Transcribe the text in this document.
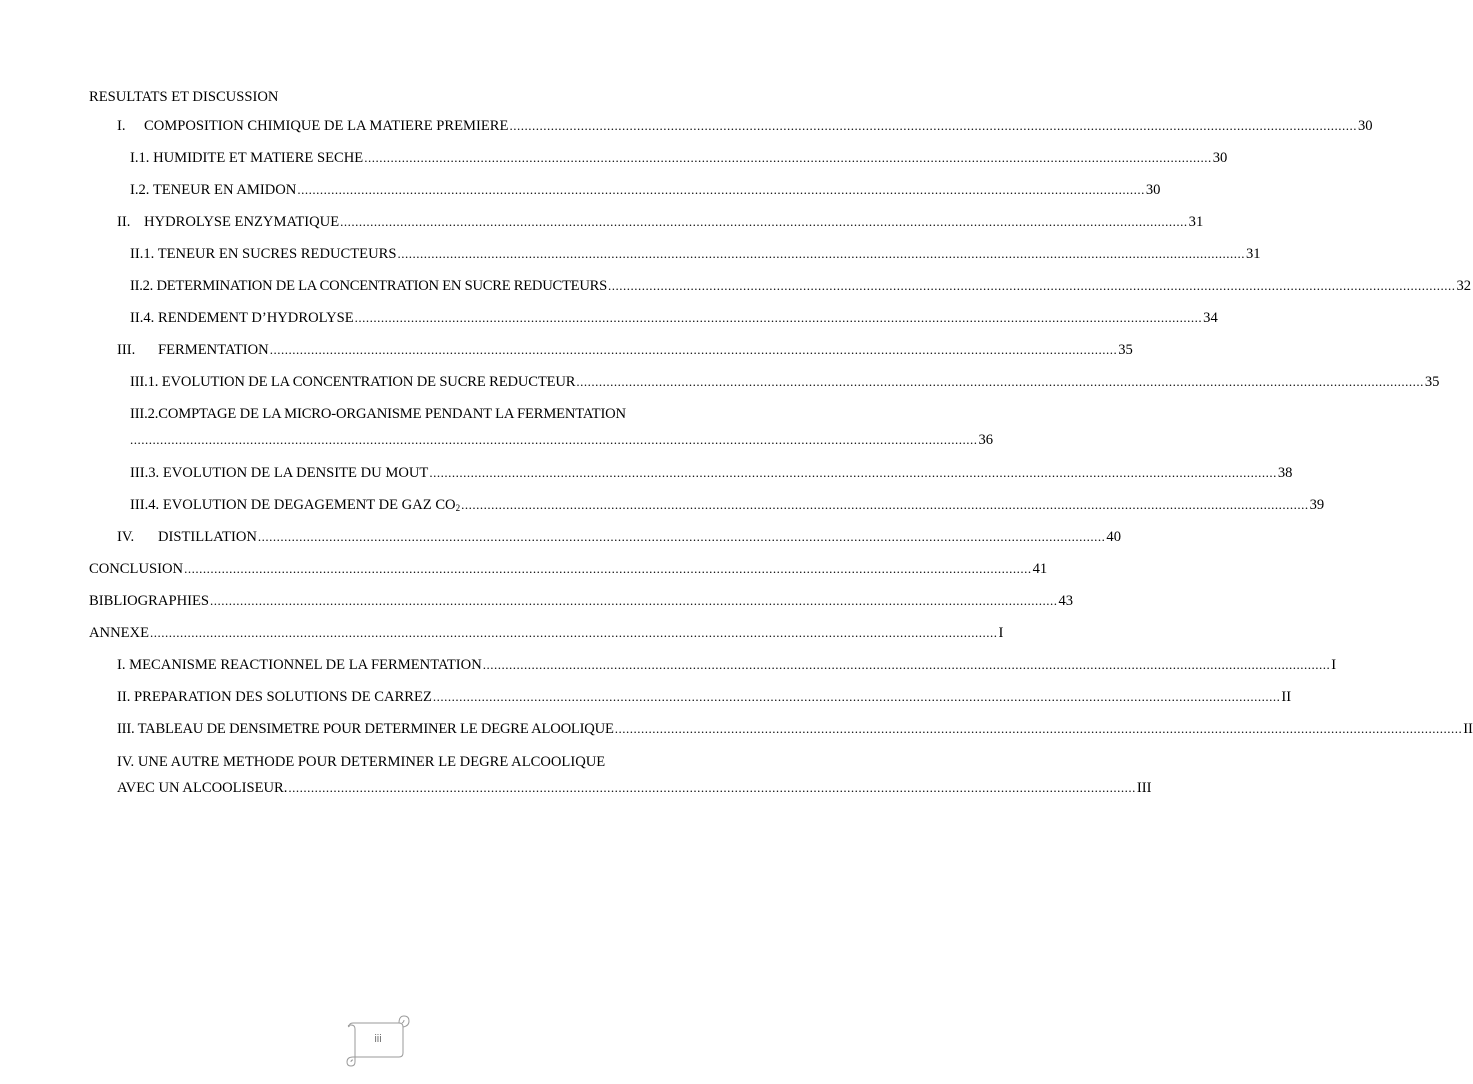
RESULTATS ET DISCUSSION
I. COMPOSITION CHIMIQUE DE LA MATIERE PREMIERE .................................................................................................................................................................................................................................. 30
I.1. HUMIDITE ET MATIERE SECHE .................................................................................................................................................................................................................................. 30
I.2. TENEUR EN AMIDON .................................................................................................................................................................................................................................. 30
II. HYDROLYSE ENZYMATIQUE .................................................................................................................................................................................................................................. 31
II.1. TENEUR EN SUCRES REDUCTEURS .................................................................................................................................................................................................................................. 31
II.2. DETERMINATION DE LA CONCENTRATION EN SUCRE REDUCTEURS .................................................................................................................................................................................................................................. 32
II.4. RENDEMENT D’HYDROLYSE .................................................................................................................................................................................................................................. 34
III. FERMENTATION .................................................................................................................................................................................................................................. 35
III.1. EVOLUTION DE LA CONCENTRATION DE SUCRE REDUCTEUR .................................................................................................................................................................................................................................. 35
III.2.COMPTAGE DE LA MICRO-ORGANISME PENDANT LA FERMENTATION
.................................................................................................................................................................................................................................. 36
III.3. EVOLUTION DE LA DENSITE DU MOUT .................................................................................................................................................................................................................................. 38
III.4. EVOLUTION DE DEGAGEMENT DE GAZ $CO_2$ .................................................................................................................................................................................................................................. 39
IV. DISTILLATION .................................................................................................................................................................................................................................. 40
CONCLUSION .................................................................................................................................................................................................................................. 41
BIBLIOGRAPHIES .................................................................................................................................................................................................................................. 43
ANNEXE .................................................................................................................................................................................................................................. I
I. MECANISME REACTIONNEL DE LA FERMENTATION .................................................................................................................................................................................................................................. I
II. PREPARATION DES SOLUTIONS DE CARREZ .................................................................................................................................................................................................................................. II
III. TABLEAU DE DENSIMETRE POUR DETERMINER LE DEGRE ALOOLIQUE .................................................................................................................................................................................................................................. II
IV. UNE AUTRE METHODE POUR DETERMINER LE DEGRE ALCOOLIQUE
AVEC UN ALCOOLISEUR. .................................................................................................................................................................................................................................. III
iii
